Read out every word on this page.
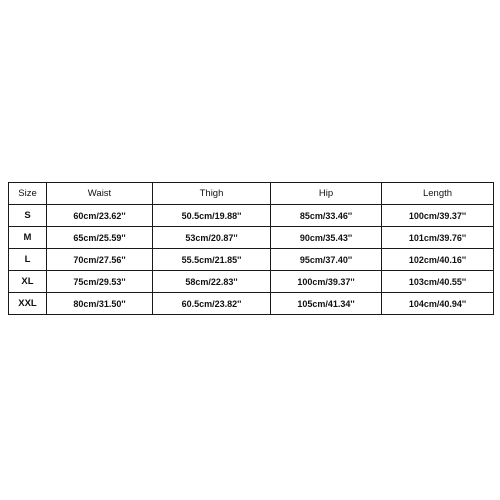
Size	Waist	Thigh	Hip	Length
S	60cm/23.62''	50.5cm/19.88''	85cm/33.46''	100cm/39.37''
M	65cm/25.59''	53cm/20.87''	90cm/35.43''	101cm/39.76''
L	70cm/27.56''	55.5cm/21.85''	95cm/37.40''	102cm/40.16''
XL	75cm/29.53''	58cm/22.83''	100cm/39.37''	103cm/40.55''
XXL	80cm/31.50''	60.5cm/23.82''	105cm/41.34''	104cm/40.94''
